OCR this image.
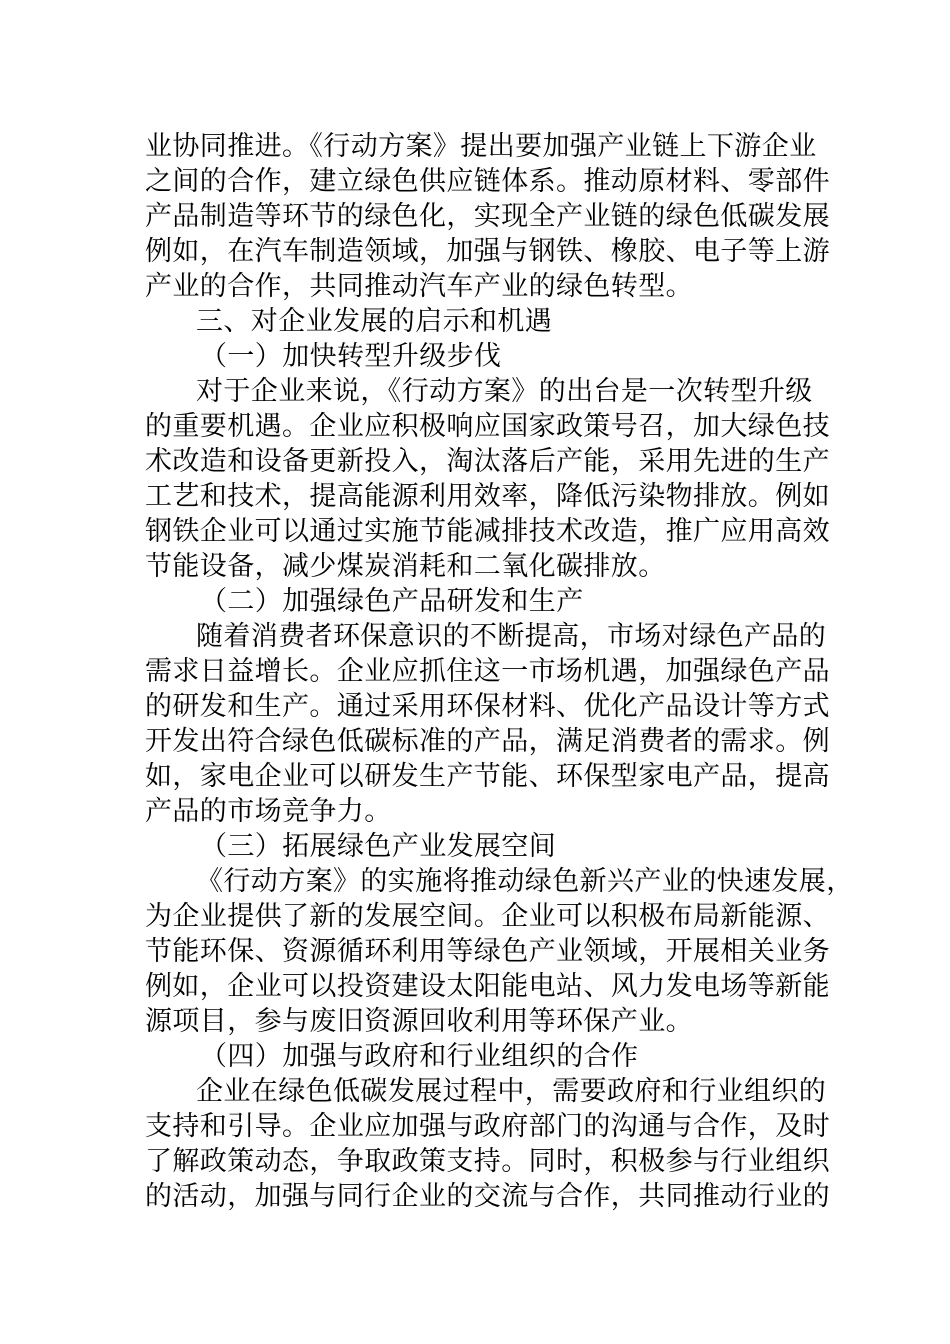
业协同推进。《行动方案》提出要加强产业链上下游企业
之间的合作，建立绿色供应链体系。推动原材料、零部件
产品制造等环节的绿色化，实现全产业链的绿色低碳发展
例如，在汽车制造领域，加强与钢铁、橡胶、电子等上游
产业的合作，共同推动汽车产业的绿色转型。
三、对企业发展的启示和机遇
（一）加快转型升级步伐
对于企业来说，《行动方案》的出台是一次转型升级
的重要机遇。企业应积极响应国家政策号召，加大绿色技
术改造和设备更新投入，淘汰落后产能，采用先进的生产
工艺和技术，提高能源利用效率，降低污染物排放。例如
钢铁企业可以通过实施节能减排技术改造，推广应用高效
节能设备，减少煤炭消耗和二氧化碳排放。
（二）加强绿色产品研发和生产
随着消费者环保意识的不断提高，市场对绿色产品的
需求日益增长。企业应抓住这一市场机遇，加强绿色产品
的研发和生产。通过采用环保材料、优化产品设计等方式
开发出符合绿色低碳标准的产品，满足消费者的需求。例
如，家电企业可以研发生产节能、环保型家电产品，提高
产品的市场竞争力。
（三）拓展绿色产业发展空间
《行动方案》的实施将推动绿色新兴产业的快速发展，
为企业提供了新的发展空间。企业可以积极布局新能源、
节能环保、资源循环利用等绿色产业领域，开展相关业务
例如，企业可以投资建设太阳能电站、风力发电场等新能
源项目，参与废旧资源回收利用等环保产业。
（四）加强与政府和行业组织的合作
企业在绿色低碳发展过程中，需要政府和行业组织的
支持和引导。企业应加强与政府部门的沟通与合作，及时
了解政策动态，争取政策支持。同时，积极参与行业组织
的活动，加强与同行企业的交流与合作，共同推动行业的
